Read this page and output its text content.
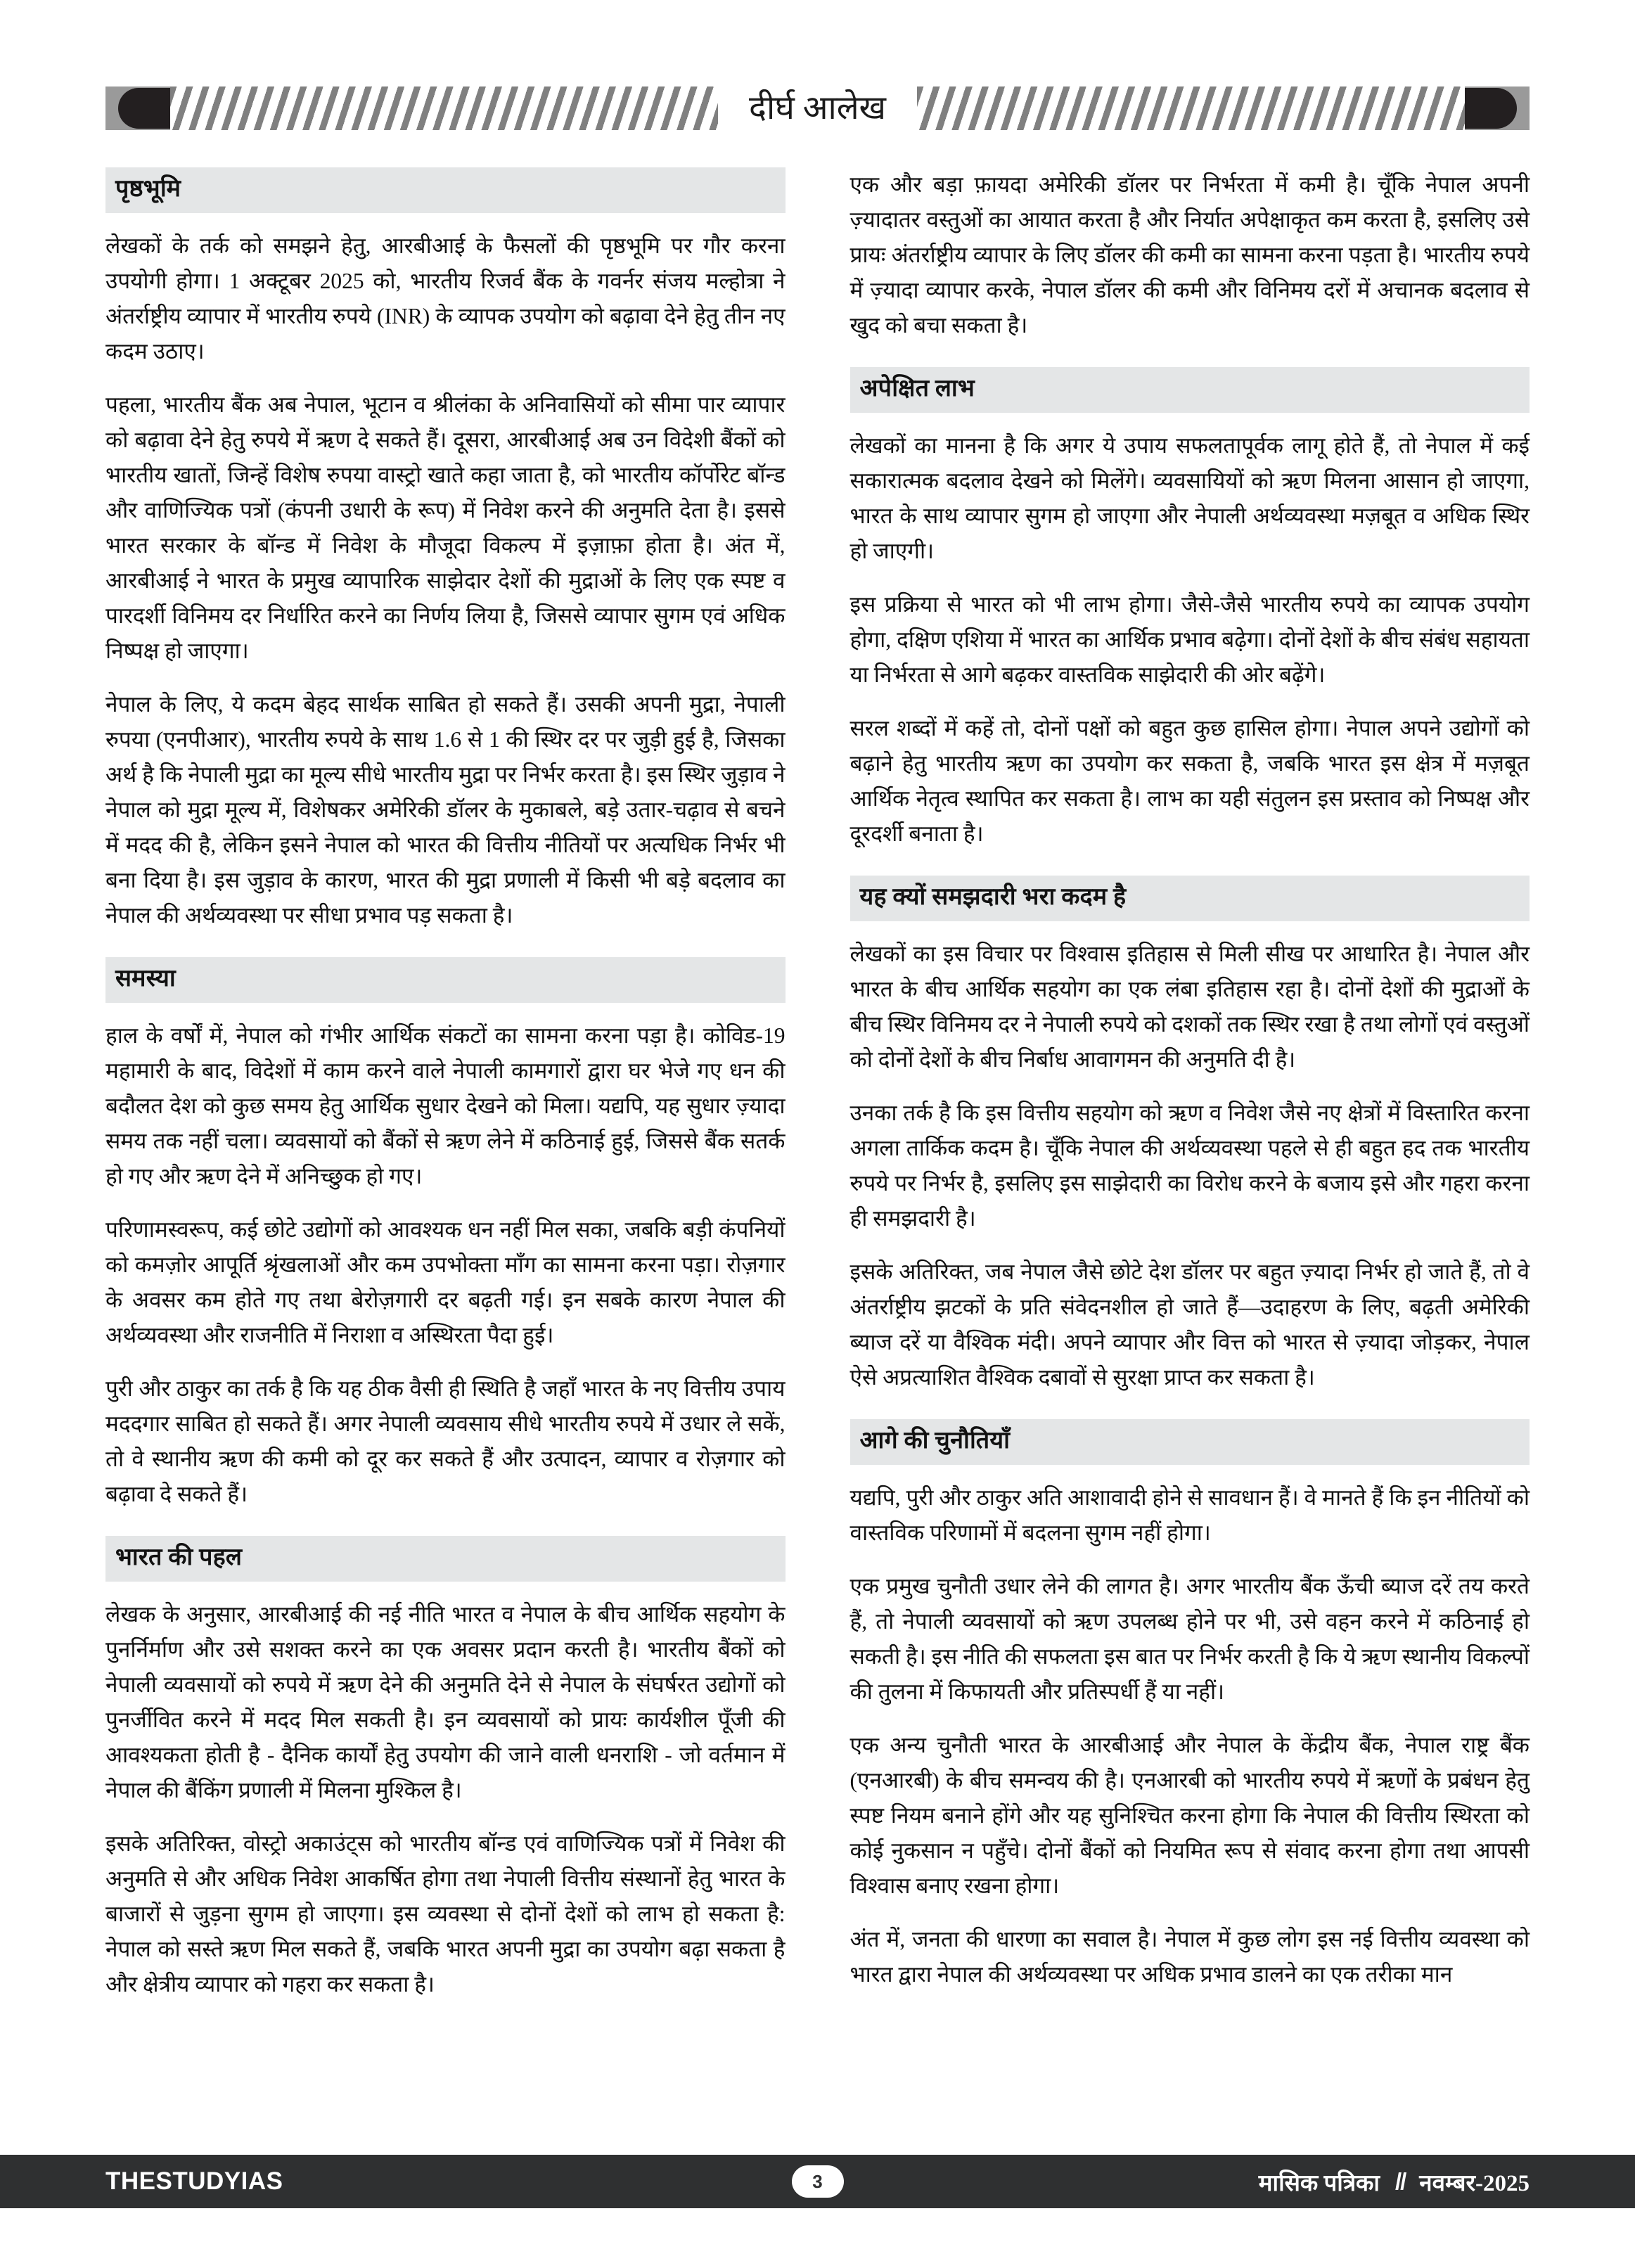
दीर्घ आलेख
पृष्ठभूमि

लेखकों के तर्क को समझने हेतु, आरबीआई के फैसलों की पृष्ठभूमि पर गौर करना उपयोगी होगा। 1 अक्टूबर 2025 को, भारतीय रिजर्व बैंक के गवर्नर संजय मल्होत्रा ने अंतर्राष्ट्रीय व्यापार में भारतीय रुपये (INR) के व्यापक उपयोग को बढ़ावा देने हेतु तीन नए कदम उठाए।

पहला, भारतीय बैंक अब नेपाल, भूटान व श्रीलंका के अनिवासियों को सीमा पार व्यापार को बढ़ावा देने हेतु रुपये में ऋण दे सकते हैं। दूसरा, आरबीआई अब उन विदेशी बैंकों को भारतीय खातों, जिन्हें विशेष रुपया वास्ट्रो खाते कहा जाता है, को भारतीय कॉर्पोरेट बॉन्ड और वाणिज्यिक पत्रों (कंपनी उधारी के रूप) में निवेश करने की अनुमति देता है। इससे भारत सरकार के बॉन्ड में निवेश के मौजूदा विकल्प में इज़ाफ़ा होता है। अंत में, आरबीआई ने भारत के प्रमुख व्यापारिक साझेदार देशों की मुद्राओं के लिए एक स्पष्ट व पारदर्शी विनिमय दर निर्धारित करने का निर्णय लिया है, जिससे व्यापार सुगम एवं अधिक निष्पक्ष हो जाएगा।

नेपाल के लिए, ये कदम बेहद सार्थक साबित हो सकते हैं। उसकी अपनी मुद्रा, नेपाली रुपया (एनपीआर), भारतीय रुपये के साथ 1.6 से 1 की स्थिर दर पर जुड़ी हुई है, जिसका अर्थ है कि नेपाली मुद्रा का मूल्य सीधे भारतीय मुद्रा पर निर्भर करता है। इस स्थिर जुड़ाव ने नेपाल को मुद्रा मूल्य में, विशेषकर अमेरिकी डॉलर के मुकाबले, बड़े उतार-चढ़ाव से बचने में मदद की है, लेकिन इसने नेपाल को भारत की वित्तीय नीतियों पर अत्यधिक निर्भर भी बना दिया है। इस जुड़ाव के कारण, भारत की मुद्रा प्रणाली में किसी भी बड़े बदलाव का नेपाल की अर्थव्यवस्था पर सीधा प्रभाव पड़ सकता है।

समस्या

हाल के वर्षों में, नेपाल को गंभीर आर्थिक संकटों का सामना करना पड़ा है। कोविड-19 महामारी के बाद, विदेशों में काम करने वाले नेपाली कामगारों द्वारा घर भेजे गए धन की बदौलत देश को कुछ समय हेतु आर्थिक सुधार देखने को मिला। यद्यपि, यह सुधार ज़्यादा समय तक नहीं चला। व्यवसायों को बैंकों से ऋण लेने में कठिनाई हुई, जिससे बैंक सतर्क हो गए और ऋण देने में अनिच्छुक हो गए।

परिणामस्वरूप, कई छोटे उद्योगों को आवश्यक धन नहीं मिल सका, जबकि बड़ी कंपनियों को कमज़ोर आपूर्ति श्रृंखलाओं और कम उपभोक्ता माँग का सामना करना पड़ा। रोज़गार के अवसर कम होते गए तथा बेरोज़गारी दर बढ़ती गई। इन सबके कारण नेपाल की अर्थव्यवस्था और राजनीति में निराशा व अस्थिरता पैदा हुई।

पुरी और ठाकुर का तर्क है कि यह ठीक वैसी ही स्थिति है जहाँ भारत के नए वित्तीय उपाय मददगार साबित हो सकते हैं। अगर नेपाली व्यवसाय सीधे भारतीय रुपये में उधार ले सकें, तो वे स्थानीय ऋण की कमी को दूर कर सकते हैं और उत्पादन, व्यापार व रोज़गार को बढ़ावा दे सकते हैं।

भारत की पहल

लेखक के अनुसार, आरबीआई की नई नीति भारत व नेपाल के बीच आर्थिक सहयोग के पुनर्निर्माण और उसे सशक्त करने का एक अवसर प्रदान करती है। भारतीय बैंकों को नेपाली व्यवसायों को रुपये में ऋण देने की अनुमति देने से नेपाल के संघर्षरत उद्योगों को पुनर्जीवित करने में मदद मिल सकती है। इन व्यवसायों को प्रायः कार्यशील पूँजी की आवश्यकता होती है - दैनिक कार्यों हेतु उपयोग की जाने वाली धनराशि - जो वर्तमान में नेपाल की बैंकिंग प्रणाली में मिलना मुश्किल है।

इसके अतिरिक्त, वोस्ट्रो अकाउंट्स को भारतीय बॉन्ड एवं वाणिज्यिक पत्रों में निवेश की अनुमति से और अधिक निवेश आकर्षित होगा तथा नेपाली वित्तीय संस्थानों हेतु भारत के बाजारों से जुड़ना सुगम हो जाएगा। इस व्यवस्था से दोनों देशों को लाभ हो सकता है: नेपाल को सस्ते ऋण मिल सकते हैं, जबकि भारत अपनी मुद्रा का उपयोग बढ़ा सकता है और क्षेत्रीय व्यापार को गहरा कर सकता है।

एक और बड़ा फ़ायदा अमेरिकी डॉलर पर निर्भरता में कमी है। चूँकि नेपाल अपनी ज़्यादातर वस्तुओं का आयात करता है और निर्यात अपेक्षाकृत कम करता है, इसलिए उसे प्रायः अंतर्राष्ट्रीय व्यापार के लिए डॉलर की कमी का सामना करना पड़ता है। भारतीय रुपये में ज़्यादा व्यापार करके, नेपाल डॉलर की कमी और विनिमय दरों में अचानक बदलाव से खुद को बचा सकता है।

अपेक्षित लाभ

लेखकों का मानना है कि अगर ये उपाय सफलतापूर्वक लागू होते हैं, तो नेपाल में कई सकारात्मक बदलाव देखने को मिलेंगे। व्यवसायियों को ऋण मिलना आसान हो जाएगा, भारत के साथ व्यापार सुगम हो जाएगा और नेपाली अर्थव्यवस्था मज़बूत व अधिक स्थिर हो जाएगी।

इस प्रक्रिया से भारत को भी लाभ होगा। जैसे-जैसे भारतीय रुपये का व्यापक उपयोग होगा, दक्षिण एशिया में भारत का आर्थिक प्रभाव बढ़ेगा। दोनों देशों के बीच संबंध सहायता या निर्भरता से आगे बढ़कर वास्तविक साझेदारी की ओर बढ़ेंगे।

सरल शब्दों में कहें तो, दोनों पक्षों को बहुत कुछ हासिल होगा। नेपाल अपने उद्योगों को बढ़ाने हेतु भारतीय ऋण का उपयोग कर सकता है, जबकि भारत इस क्षेत्र में मज़बूत आर्थिक नेतृत्व स्थापित कर सकता है। लाभ का यही संतुलन इस प्रस्ताव को निष्पक्ष और दूरदर्शी बनाता है।

यह क्यों समझदारी भरा कदम है

लेखकों का इस विचार पर विश्वास इतिहास से मिली सीख पर आधारित है। नेपाल और भारत के बीच आर्थिक सहयोग का एक लंबा इतिहास रहा है। दोनों देशों की मुद्राओं के बीच स्थिर विनिमय दर ने नेपाली रुपये को दशकों तक स्थिर रखा है तथा लोगों एवं वस्तुओं को दोनों देशों के बीच निर्बाध आवागमन की अनुमति दी है।

उनका तर्क है कि इस वित्तीय सहयोग को ऋण व निवेश जैसे नए क्षेत्रों में विस्तारित करना अगला तार्किक कदम है। चूँकि नेपाल की अर्थव्यवस्था पहले से ही बहुत हद तक भारतीय रुपये पर निर्भर है, इसलिए इस साझेदारी का विरोध करने के बजाय इसे और गहरा करना ही समझदारी है।

इसके अतिरिक्त, जब नेपाल जैसे छोटे देश डॉलर पर बहुत ज़्यादा निर्भर हो जाते हैं, तो वे अंतर्राष्ट्रीय झटकों के प्रति संवेदनशील हो जाते हैं—उदाहरण के लिए, बढ़ती अमेरिकी ब्याज दरें या वैश्विक मंदी। अपने व्यापार और वित्त को भारत से ज़्यादा जोड़कर, नेपाल ऐसे अप्रत्याशित वैश्विक दबावों से सुरक्षा प्राप्त कर सकता है।

आगे की चुनौतियाँ

यद्यपि, पुरी और ठाकुर अति आशावादी होने से सावधान हैं। वे मानते हैं कि इन नीतियों को वास्तविक परिणामों में बदलना सुगम नहीं होगा।

एक प्रमुख चुनौती उधार लेने की लागत है। अगर भारतीय बैंक ऊँची ब्याज दरें तय करते हैं, तो नेपाली व्यवसायों को ऋण उपलब्ध होने पर भी, उसे वहन करने में कठिनाई हो सकती है। इस नीति की सफलता इस बात पर निर्भर करती है कि ये ऋण स्थानीय विकल्पों की तुलना में किफायती और प्रतिस्पर्धी हैं या नहीं।

एक अन्य चुनौती भारत के आरबीआई और नेपाल के केंद्रीय बैंक, नेपाल राष्ट्र बैंक (एनआरबी) के बीच समन्वय की है। एनआरबी को भारतीय रुपये में ऋणों के प्रबंधन हेतु स्पष्ट नियम बनाने होंगे और यह सुनिश्चित करना होगा कि नेपाल की वित्तीय स्थिरता को कोई नुकसान न पहुँचे। दोनों बैंकों को नियमित रूप से संवाद करना होगा तथा आपसी विश्वास बनाए रखना होगा।

अंत में, जनता की धारणा का सवाल है। नेपाल में कुछ लोग इस नई वित्तीय व्यवस्था को भारत द्वारा नेपाल की अर्थव्यवस्था पर अधिक प्रभाव डालने का एक तरीका मान

THESTUDYIAS	3	मासिक पत्रिका // नवम्बर-2025
